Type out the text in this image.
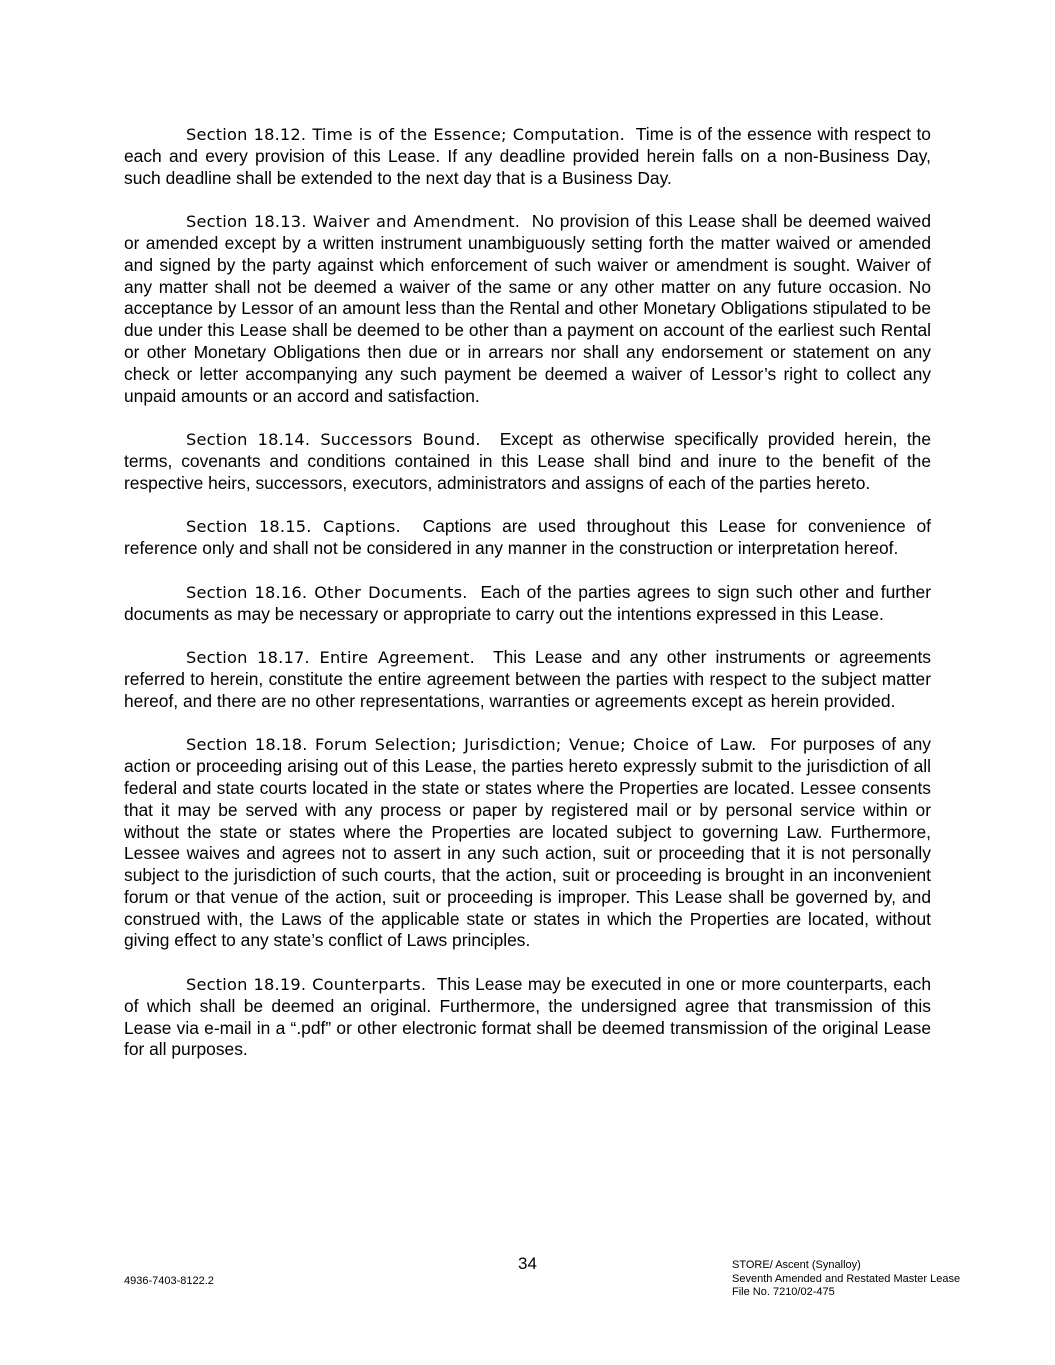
Section 18.12. Time is of the Essence; Computation. Time is of the essence with respect to each and every provision of this Lease. If any deadline provided herein falls on a non-Business Day, such deadline shall be extended to the next day that is a Business Day.

Section 18.13. Waiver and Amendment. No provision of this Lease shall be deemed waived or amended except by a written instrument unambiguously setting forth the matter waived or amended and signed by the party against which enforcement of such waiver or amendment is sought. Waiver of any matter shall not be deemed a waiver of the same or any other matter on any future occasion. No acceptance by Lessor of an amount less than the Rental and other Monetary Obligations stipulated to be due under this Lease shall be deemed to be other than a payment on account of the earliest such Rental or other Monetary Obligations then due or in arrears nor shall any endorsement or statement on any check or letter accompanying any such payment be deemed a waiver of Lessor’s right to collect any unpaid amounts or an accord and satisfaction.

Section 18.14. Successors Bound. Except as otherwise specifically provided herein, the terms, covenants and conditions contained in this Lease shall bind and inure to the benefit of the respective heirs, successors, executors, administrators and assigns of each of the parties hereto.

Section 18.15. Captions. Captions are used throughout this Lease for convenience of reference only and shall not be considered in any manner in the construction or interpretation hereof.

Section 18.16. Other Documents. Each of the parties agrees to sign such other and further documents as may be necessary or appropriate to carry out the intentions expressed in this Lease.

Section 18.17. Entire Agreement.  This Lease and any other instruments or agreements referred to herein, constitute the entire agreement between the parties with respect to the subject matter hereof, and there are no other representations, warranties or agreements except as herein provided.

Section 18.18. Forum Selection; Jurisdiction; Venue; Choice of Law. For purposes of any action or proceeding arising out of this Lease, the parties hereto expressly submit to the jurisdiction of all federal and state courts located in the state or states where the Properties are located. Lessee consents that it may be served with any process or paper by registered mail or by personal service within or without the state or states where the Properties are located subject to governing Law. Furthermore, Lessee waives and agrees not to assert in any such action, suit or proceeding that it is not personally subject to the jurisdiction of such courts, that the action, suit or proceeding is brought in an inconvenient forum or that venue of the action, suit or proceeding is improper. This Lease shall be governed by, and construed with, the Laws of the applicable state or states in which the Properties are located, without giving effect to any state’s conflict of Laws principles.

Section 18.19. Counterparts.  This Lease may be executed in one or more counterparts, each of which shall be deemed an original. Furthermore, the undersigned agree that transmission of this Lease via e-mail in a “.pdf” or other electronic format shall be deemed transmission of the original Lease for all purposes.

34
4936-7403-8122.2
STORE/ Ascent (Synalloy)
Seventh Amended and Restated Master Lease
File No. 7210/02-475
